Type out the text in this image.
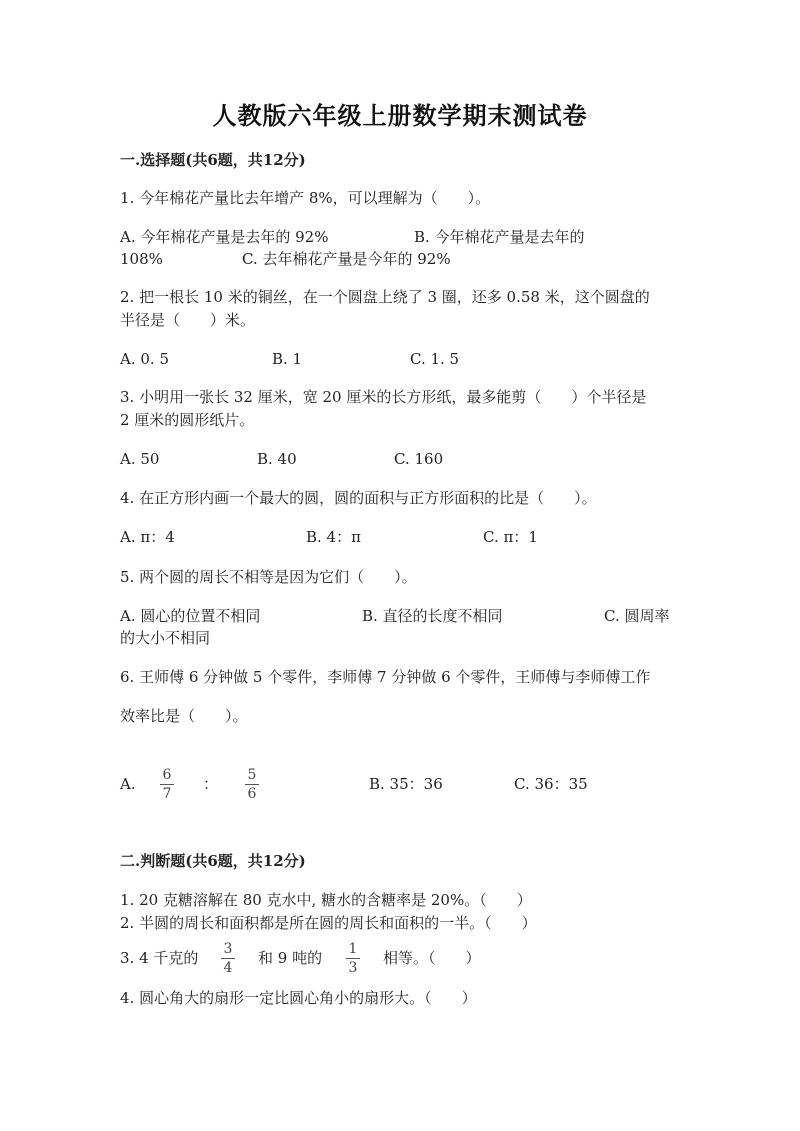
人教版六年级上册数学期末测试卷
一.选择题(共6题，共12分)
1. 今年棉花产量比去年增产 8%，可以理解为（　　）。
A. 今年棉花产量是去年的 92%	B. 今年棉花产量是去年的
108%	C. 去年棉花产量是今年的 92%
2. 把一根长 10 米的铜丝，在一个圆盘上绕了 3 圈，还多 0.58 米，这个圆盘的
半径是（　　）米。
A. 0. 5	B. 1	C. 1. 5
3. 小明用一张长 32 厘米，宽 20 厘米的长方形纸，最多能剪（　　）个半径是
2 厘米的圆形纸片。
A. 50	B. 40	C. 160
4. 在正方形内画一个最大的圆，圆的面积与正方形面积的比是（　　）。
A. π：4	B. 4：π	C. π：1
5. 两个圆的周长不相等是因为它们（　　）。
A. 圆心的位置不相同	B. 直径的长度不相同	C. 圆周率
的大小不相同
6. 王师傅 6 分钟做 5 个零件，李师傅 7 分钟做 6 个零件，王师傅与李师傅工作
效率比是（　　）。
A. 6
7
： 5
6
B. 35：36	C. 36：35
二.判断题(共6题，共12分)
1. 20 克糖溶解在 80 克水中, 糖水的含糖率是 20%。（　　）
2. 半圆的周长和面积都是所在圆的周长和面积的一半。（　　）
3. 4 千克的 3
4
和 9 吨的 1
3
相等。（　　）
4. 圆心角大的扇形一定比圆心角小的扇形大。（　　）
